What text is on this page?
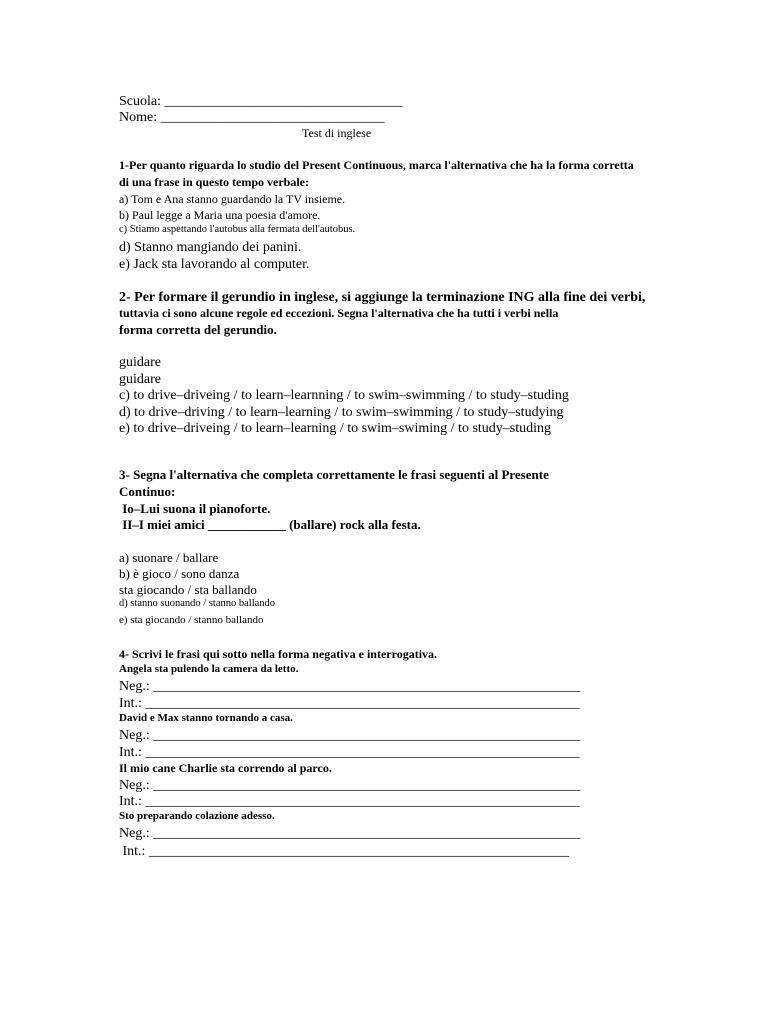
Scuola: __________________________________
Nome: ________________________________
Test di inglese
1-Per quanto riguarda lo studio del Present Continuous, marca l'alternativa che ha la forma corretta
di una frase in questo tempo verbale:
a) Tom e Ana stanno guardando la TV insieme.
b) Paul legge a Maria una poesia d'amore.
c) Stiamo aspettando l'autobus alla fermata dell'autobus.
d) Stanno mangiando dei panini.
e) Jack sta lavorando al computer.
2- Per formare il gerundio in inglese, si aggiunge la terminazione ING alla fine dei verbi,
tuttavia ci sono alcune regole ed eccezioni. Segna l'alternativa che ha tutti i verbi nella
forma corretta del gerundio.
guidare
guidare
c) to drive–driveing / to learn–learnning / to swim–swimming / to study–studing
d) to drive–driving / to learn–learning / to swim–swimming / to study–studying
e) to drive–driveing / to learn–learning / to swim–swiming / to study–studing
3- Segna l'alternativa che completa correttamente le frasi seguenti al Presente
Continuo:
Io–Lui suona il pianoforte.
II–I miei amici ____________ (ballare) rock alla festa.
a) suonare / ballare
b) è gioco / sono danza
sta giocando / sta ballando
d) stanno suonando / stanno ballando
e) sta giocando / stanno ballando
4- Scrivi le frasi qui sotto nella forma negativa e interrogativa.
Angela sta pulendo la camera da letto.
Neg.: _____________________________________________________________
Int.: ______________________________________________________________
David e Max stanno tornando a casa.
Neg.: _____________________________________________________________
Int.: ______________________________________________________________
Il mio cane Charlie sta correndo al parco.
Neg.: _____________________________________________________________
Int.: ______________________________________________________________
Sto preparando colazione adesso.
Neg.: _____________________________________________________________
Int.: ____________________________________________________________
